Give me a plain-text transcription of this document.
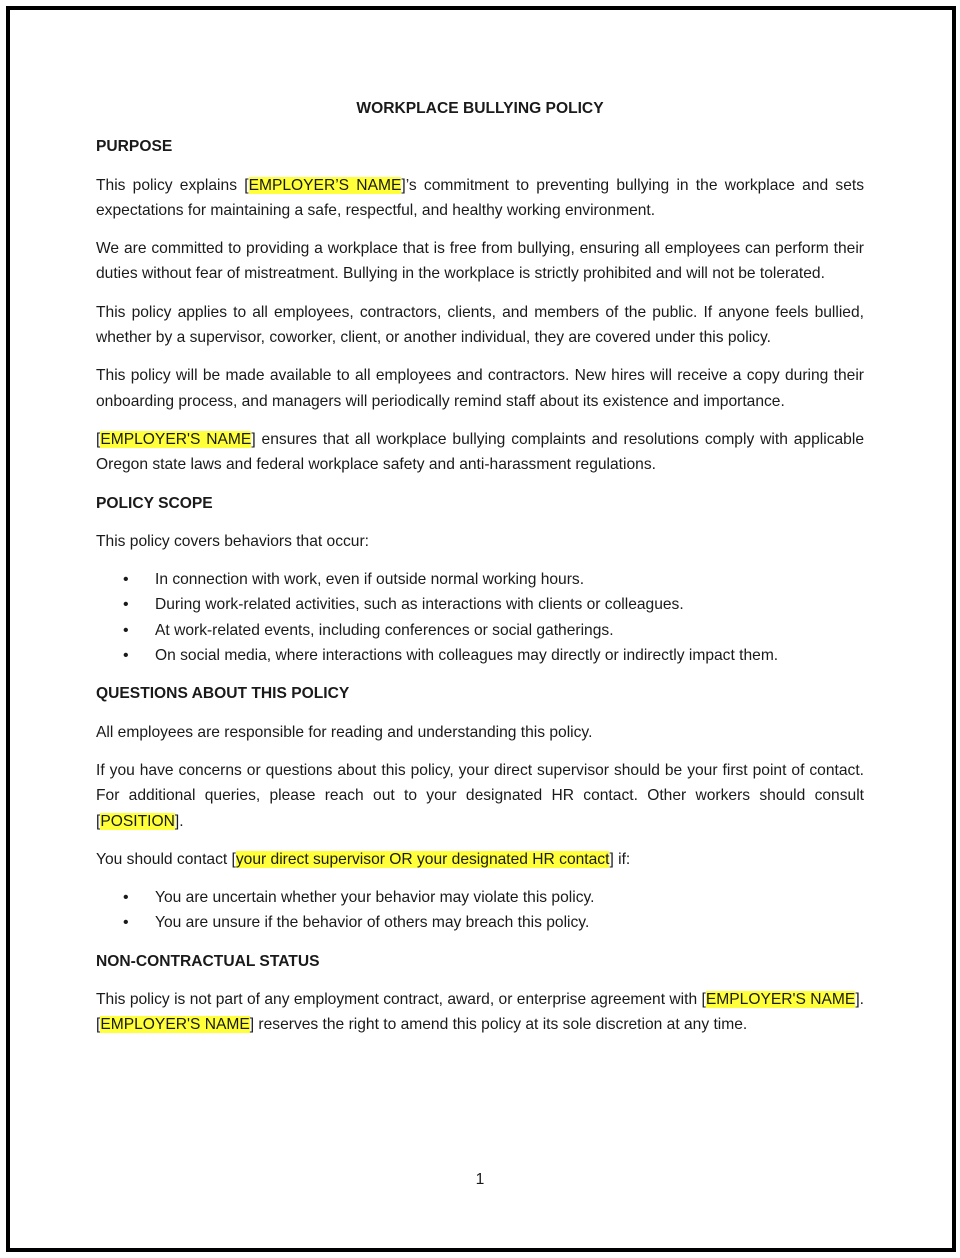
WORKPLACE BULLYING POLICY
PURPOSE

This policy explains [EMPLOYER’S NAME]’s commitment to preventing bullying in the workplace and sets expectations for maintaining a safe, respectful, and healthy working environment.

We are committed to providing a workplace that is free from bullying, ensuring all employees can perform their duties without fear of mistreatment. Bullying in the workplace is strictly prohibited and will not be tolerated.

This policy applies to all employees, contractors, clients, and members of the public. If anyone feels bullied, whether by a supervisor, coworker, client, or another individual, they are covered under this policy.

This policy will be made available to all employees and contractors. New hires will receive a copy during their onboarding process, and managers will periodically remind staff about its existence and importance.

[EMPLOYER'S NAME] ensures that all workplace bullying complaints and resolutions comply with applicable Oregon state laws and federal workplace safety and anti-harassment regulations.

POLICY SCOPE

This policy covers behaviors that occur:

• In connection with work, even if outside normal working hours.
• During work-related activities, such as interactions with clients or colleagues.
• At work-related events, including conferences or social gatherings.
• On social media, where interactions with colleagues may directly or indirectly impact them.
QUESTIONS ABOUT THIS POLICY

All employees are responsible for reading and understanding this policy.

If you have concerns or questions about this policy, your direct supervisor should be your first point of contact. For additional queries, please reach out to your designated HR contact. Other workers should consult [POSITION].

You should contact [your direct supervisor OR your designated HR contact] if:

• You are uncertain whether your behavior may violate this policy.
• You are unsure if the behavior of others may breach this policy.
NON-CONTRACTUAL STATUS

This policy is not part of any employment contract, award, or enterprise agreement with [EMPLOYER'S NAME]. [EMPLOYER'S NAME] reserves the right to amend this policy at its sole discretion at any time.

1
